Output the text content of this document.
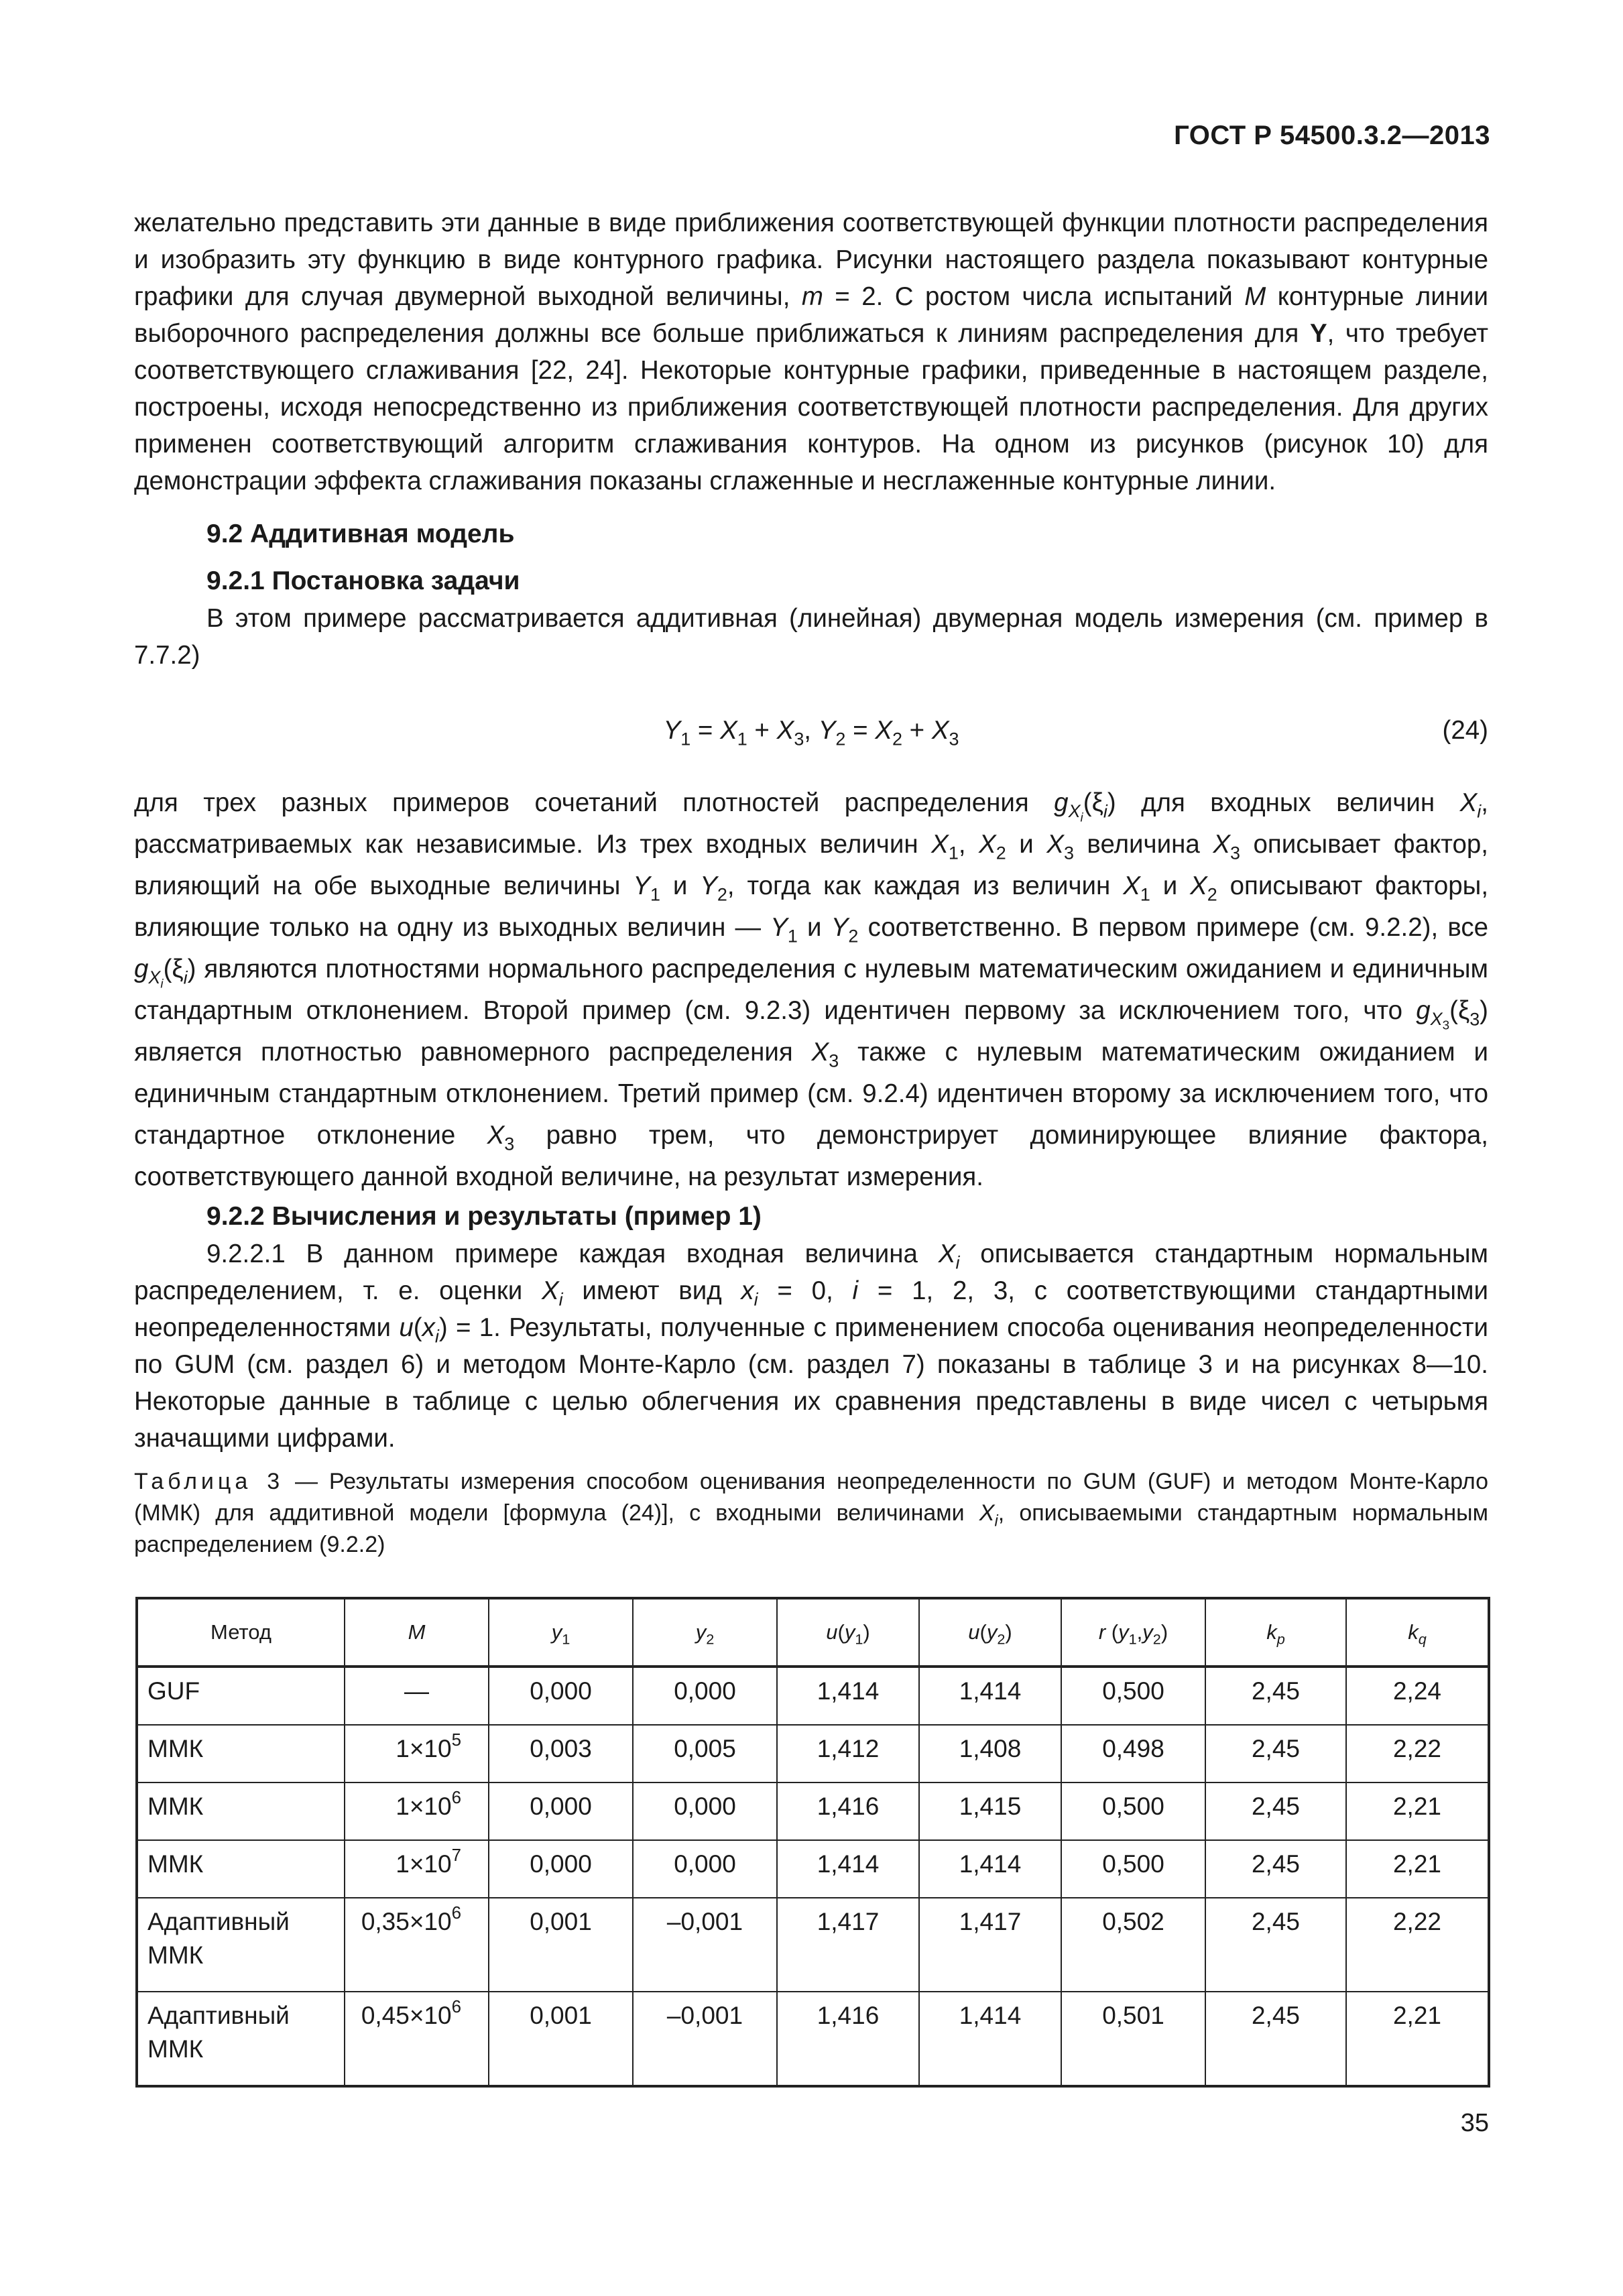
ГОСТ Р 54500.3.2—2013

желательно представить эти данные в виде приближения соответствующей функции плотности распределения и изобразить эту функцию в виде контурного графика. Рисунки настоящего раздела показывают контурные графики для случая двумерной выходной величины, m = 2. С ростом числа испытаний M контурные линии выборочного распределения должны все больше приближаться к линиям распределения для Y, что требует соответствующего сглаживания [22, 24]. Некоторые контурные графики, приведенные в настоящем разделе, построены, исходя непосредственно из приближения соответствующей плотности распределения. Для других применен соответствующий алгоритм сглаживания контуров. На одном из рисунков (рисунок 10) для демонстрации эффекта сглаживания показаны сглаженные и несглаженные контурные линии.

9.2 Аддитивная модель

9.2.1 Постановка задачи

В этом примере рассматривается аддитивная (линейная) двумерная модель измерения (см. пример в 7.7.2)

$Y_1 = X_1 + X_3$, $Y_2 = X_2 + X_3$	(24)

для трех разных примеров сочетаний плотностей распределения $g_{X_i}(\xi_i)$ для входных величин $X_i$, рассматриваемых как независимые. Из трех входных величин $X_1$, $X_2$ и $X_3$ величина $X_3$ описывает фактор, влияющий на обе выходные величины $Y_1$ и $Y_2$, тогда как каждая из величин $X_1$ и $X_2$ описывают факторы, влияющие только на одну из выходных величин — $Y_1$ и $Y_2$ соответственно. В первом примере (см. 9.2.2), все $g_{X_i}(\xi_i)$ являются плотностями нормального распределения с нулевым математическим ожиданием и единичным стандартным отклонением. Второй пример (см. 9.2.3) идентичен первому за исключением того, что $g_{X_3}(\xi_3)$ является плотностью равномерного распределения $X_3$ также с нулевым математическим ожиданием и единичным стандартным отклонением. Третий пример (см. 9.2.4) идентичен второму за исключением того, что стандартное отклонение $X_3$ равно трем, что демонстрирует доминирующее влияние фактора, соответствующего данной входной величине, на результат измерения.

9.2.2 Вычисления и результаты (пример 1)

9.2.2.1 В данном примере каждая входная величина $X_i$ описывается стандартным нормальным распределением, т. е. оценки $X_i$ имеют вид $x_i = 0$, i = 1, 2, 3, с соответствующими стандартными неопределенностями $u(x_i) = 1$. Результаты, полученные с применением способа оценивания неопределенности по GUM (см. раздел 6) и методом Монте-Карло (см. раздел 7) показаны в таблице 3 и на рисунках 8—10. Некоторые данные в таблице с целью облегчения их сравнения представлены в виде чисел с четырьмя значащими цифрами.

Таблица 3 — Результаты измерения способом оценивания неопределенности по GUM (GUF) и методом Монте-Карло (ММК) для аддитивной модели [формула (24)], с входными величинами $X_i$, описываемыми стандартным нормальным распределением (9.2.2)

Метод	M	$y_1$	$y_2$	$u(y_1)$	$u(y_2)$	r $(y_1,y_2)$	$k_p$	$k_q$
GUF	—	0,000	0,000	1,414	1,414	0,500	2,45	2,24
ММК	$1\times 10^5$	0,003	0,005	1,412	1,408	0,498	2,45	2,22
ММК	$1\times 10^6$	0,000	0,000	1,416	1,415	0,500	2,45	2,21
ММК	$1\times 10^7$	0,000	0,000	1,414	1,414	0,500	2,45	2,21
Адаптивный ММК	$0,35\times 10^6$	0,001	–0,001	1,417	1,417	0,502	2,45	2,22
Адаптивный ММК	$0,45\times 10^6$	0,001	–0,001	1,416	1,414	0,501	2,45	2,21
35
